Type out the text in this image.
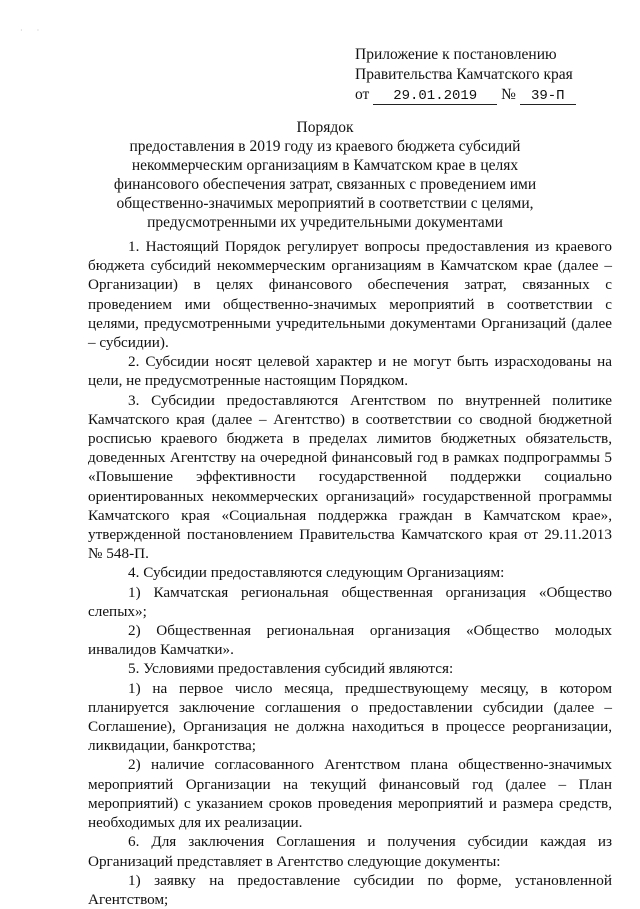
· ·
Приложение к постановлению
Правительства Камчатского края
от 29.01.2019 № 39-П
Порядок
предоставления в 2019 году из краевого бюджета субсидий некоммерческим организациям в Камчатском крае в целях финансового обеспечения затрат, связанных с проведением ими общественно-значимых мероприятий в соответствии с целями, предусмотренными их учредительными документами

1. Настоящий Порядок регулирует вопросы предоставления из краевого бюджета субсидий некоммерческим организациям в Камчатском крае (далее – Организации) в целях финансового обеспечения затрат, связанных с проведением ими общественно-значимых мероприятий в соответствии с целями, предусмотренными учредительными документами Организаций (далее – субсидии).

2. Субсидии носят целевой характер и не могут быть израсходованы на цели, не предусмотренные настоящим Порядком.

3. Субсидии предоставляются Агентством по внутренней политике Камчатского края (далее – Агентство) в соответствии со сводной бюджетной росписью краевого бюджета в пределах лимитов бюджетных обязательств, доведенных Агентству на очередной финансовый год в рамках подпрограммы 5 «Повышение эффективности государственной поддержки социально ориентированных некоммерческих организаций» государственной программы Камчатского края «Социальная поддержка граждан в Камчатском крае», утвержденной постановлением Правительства Камчатского края от 29.11.2013 № 548-П.

4. Субсидии предоставляются следующим Организациям:

1) Камчатская региональная общественная организация «Общество слепых»;

2) Общественная региональная организация «Общество молодых инвалидов Камчатки».

5. Условиями предоставления субсидий являются:

1) на первое число месяца, предшествующему месяцу, в котором планируется заключение соглашения о предоставлении субсидии (далее – Соглашение), Организация не должна находиться в процессе реорганизации, ликвидации, банкротства;

2) наличие согласованного Агентством плана общественно-значимых мероприятий Организации на текущий финансовый год (далее – План мероприятий) с указанием сроков проведения мероприятий и размера средств, необходимых для их реализации.

6. Для заключения Соглашения и получения субсидии каждая из Организаций представляет в Агентство следующие документы:

1) заявку на предоставление субсидии по форме, установленной Агентством;
